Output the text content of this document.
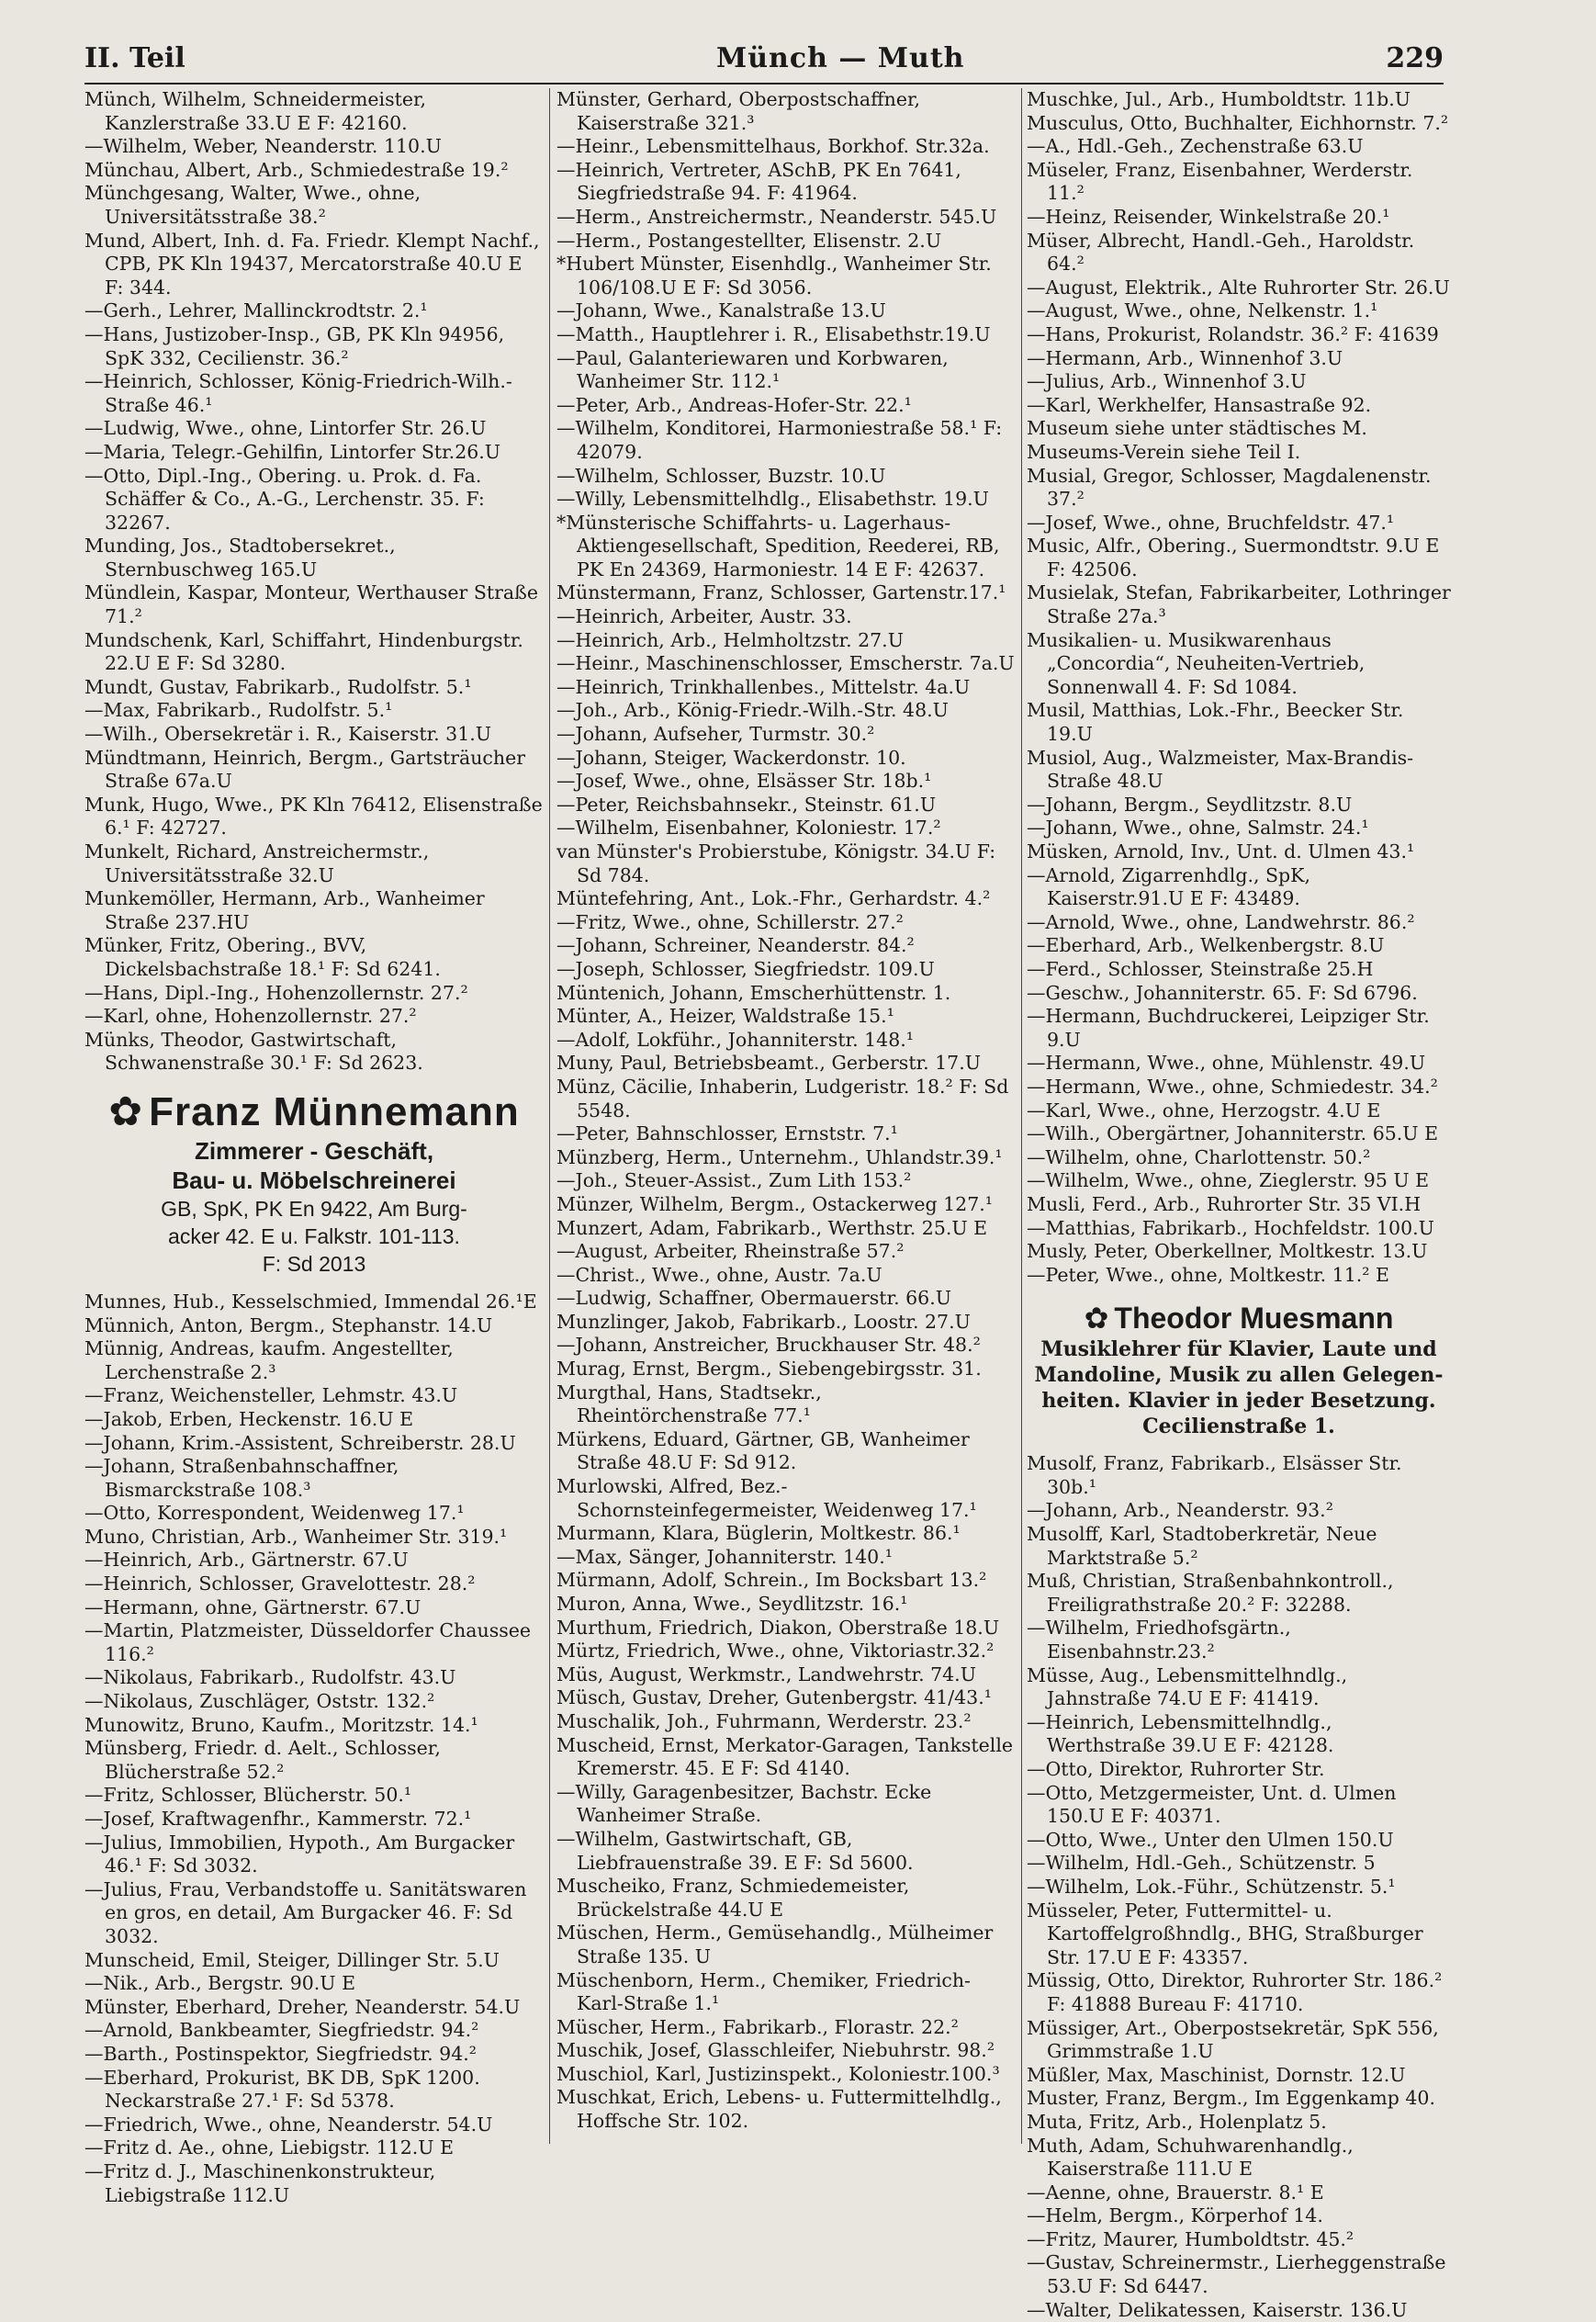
II. Teil	Münch — Muth	229

Münch, Wilhelm, Schneidermeister, Kanzlerstraße 33.U E F: 42160.

—Wilhelm, Weber, Neanderstr. 110.U

Münchau, Albert, Arb., Schmiedestraße 19.²

Münchgesang, Walter, Wwe., ohne, Universitätsstraße 38.²

Mund, Albert, Inh. d. Fa. Friedr. Klempt Nachf., CPB, PK Kln 19437, Mercatorstraße 40.U E F: 344.

—Gerh., Lehrer, Mallinckrodtstr. 2.¹

—Hans, Justizober-Insp., GB, PK Kln 94956, SpK 332, Cecilienstr. 36.²

—Heinrich, Schlosser, König-Friedrich-Wilh.-Straße 46.¹

—Ludwig, Wwe., ohne, Lintorfer Str. 26.U

—Maria, Telegr.-Gehilfin, Lintorfer Str.26.U

—Otto, Dipl.-Ing., Obering. u. Prok. d. Fa. Schäffer & Co., A.-G., Lerchenstr. 35. F: 32267.

Munding, Jos., Stadtobersekret., Sternbuschweg 165.U

Mündlein, Kaspar, Monteur, Werthauser Straße 71.²

Mundschenk, Karl, Schiffahrt, Hindenburgstr. 22.U E F: Sd 3280.

Mundt, Gustav, Fabrikarb., Rudolfstr. 5.¹

—Max, Fabrikarb., Rudolfstr. 5.¹

—Wilh., Obersekretär i. R., Kaiserstr. 31.U

Mündtmann, Heinrich, Bergm., Gartsträucher Straße 67a.U

Munk, Hugo, Wwe., PK Kln 76412, Elisenstraße 6.¹ F: 42727.

Munkelt, Richard, Anstreichermstr., Universitätsstraße 32.U

Munkemöller, Hermann, Arb., Wanheimer Straße 237.HU

Münker, Fritz, Obering., BVV, Dickelsbachstraße 18.¹ F: Sd 6241.

—Hans, Dipl.-Ing., Hohenzollernstr. 27.²

—Karl, ohne, Hohenzollernstr. 27.²

Münks, Theodor, Gastwirtschaft, Schwanenstraße 30.¹ F: Sd 2623.

✿ Franz Münnemann
Zimmerer - Geschäft,
Bau- u. Möbelschreinerei
GB, SpK, PK En 9422, Am Burg-
acker 42. E u. Falkstr. 101-113.
F: Sd 2013

Munnes, Hub., Kesselschmied, Immendal 26.¹E

Münnich, Anton, Bergm., Stephanstr. 14.U

Münnig, Andreas, kaufm. Angestellter, Lerchenstraße 2.³

—Franz, Weichensteller, Lehmstr. 43.U

—Jakob, Erben, Heckenstr. 16.U E

—Johann, Krim.-Assistent, Schreiberstr. 28.U

—Johann, Straßenbahnschaffner, Bismarckstraße 108.³

—Otto, Korrespondent, Weidenweg 17.¹

Muno, Christian, Arb., Wanheimer Str. 319.¹

—Heinrich, Arb., Gärtnerstr. 67.U

—Heinrich, Schlosser, Gravelottestr. 28.²

—Hermann, ohne, Gärtnerstr. 67.U

—Martin, Platzmeister, Düsseldorfer Chaussee 116.²

—Nikolaus, Fabrikarb., Rudolfstr. 43.U

—Nikolaus, Zuschläger, Oststr. 132.²

Munowitz, Bruno, Kaufm., Moritzstr. 14.¹

Münsberg, Friedr. d. Aelt., Schlosser, Blücherstraße 52.²

—Fritz, Schlosser, Blücherstr. 50.¹

—Josef, Kraftwagenfhr., Kammerstr. 72.¹

—Julius, Immobilien, Hypoth., Am Burgacker 46.¹ F: Sd 3032.

—Julius, Frau, Verbandstoffe u. Sanitätswaren en gros, en detail, Am Burgacker 46. F: Sd 3032.

Munscheid, Emil, Steiger, Dillinger Str. 5.U

—Nik., Arb., Bergstr. 90.U E

Münster, Eberhard, Dreher, Neanderstr. 54.U

—Arnold, Bankbeamter, Siegfriedstr. 94.²

—Barth., Postinspektor, Siegfriedstr. 94.²

—Eberhard, Prokurist, BK DB, SpK 1200. Neckarstraße 27.¹ F: Sd 5378.

—Friedrich, Wwe., ohne, Neanderstr. 54.U

—Fritz d. Ae., ohne, Liebigstr. 112.U E

—Fritz d. J., Maschinenkonstrukteur, Liebigstraße 112.U

Münster, Gerhard, Oberpostschaffner, Kaiserstraße 321.³

—Heinr., Lebensmittelhaus, Borkhof. Str.32a.

—Heinrich, Vertreter, ASchB, PK En 7641, Siegfriedstraße 94. F: 41964.

—Herm., Anstreichermstr., Neanderstr. 545.U

—Herm., Postangestellter, Elisenstr. 2.U

*Hubert Münster, Eisenhdlg., Wanheimer Str. 106/108.U E F: Sd 3056.

—Johann, Wwe., Kanalstraße 13.U

—Matth., Hauptlehrer i. R., Elisabethstr.19.U

—Paul, Galanteriewaren und Korbwaren, Wanheimer Str. 112.¹

—Peter, Arb., Andreas-Hofer-Str. 22.¹

—Wilhelm, Konditorei, Harmoniestraße 58.¹ F: 42079.

—Wilhelm, Schlosser, Buzstr. 10.U

—Willy, Lebensmittelhdlg., Elisabethstr. 19.U

*Münsterische Schiffahrts- u. Lagerhaus-Aktiengesellschaft, Spedition, Reederei, RB, PK En 24369, Harmoniestr. 14 E F: 42637.

Münstermann, Franz, Schlosser, Gartenstr.17.¹

—Heinrich, Arbeiter, Austr. 33.

—Heinrich, Arb., Helmholtzstr. 27.U

—Heinr., Maschinenschlosser, Emscherstr. 7a.U

—Heinrich, Trinkhallenbes., Mittelstr. 4a.U

—Joh., Arb., König-Friedr.-Wilh.-Str. 48.U

—Johann, Aufseher, Turmstr. 30.²

—Johann, Steiger, Wackerdonstr. 10.

—Josef, Wwe., ohne, Elsässer Str. 18b.¹

—Peter, Reichsbahnsekr., Steinstr. 61.U

—Wilhelm, Eisenbahner, Koloniestr. 17.²

van Münster's Probierstube, Königstr. 34.U F: Sd 784.

Müntefehring, Ant., Lok.-Fhr., Gerhardstr. 4.²

—Fritz, Wwe., ohne, Schillerstr. 27.²

—Johann, Schreiner, Neanderstr. 84.²

—Joseph, Schlosser, Siegfriedstr. 109.U

Müntenich, Johann, Emscherhüttenstr. 1.

Münter, A., Heizer, Waldstraße 15.¹

—Adolf, Lokführ., Johanniterstr. 148.¹

Muny, Paul, Betriebsbeamt., Gerberstr. 17.U

Münz, Cäcilie, Inhaberin, Ludgeristr. 18.² F: Sd 5548.

—Peter, Bahnschlosser, Ernststr. 7.¹

Münzberg, Herm., Unternehm., Uhlandstr.39.¹

—Joh., Steuer-Assist., Zum Lith 153.²

Münzer, Wilhelm, Bergm., Ostackerweg 127.¹

Munzert, Adam, Fabrikarb., Werthstr. 25.U E

—August, Arbeiter, Rheinstraße 57.²

—Christ., Wwe., ohne, Austr. 7a.U

—Ludwig, Schaffner, Obermauerstr. 66.U

Munzlinger, Jakob, Fabrikarb., Loostr. 27.U

—Johann, Anstreicher, Bruckhauser Str. 48.²

Murag, Ernst, Bergm., Siebengebirgsstr. 31.

Murgthal, Hans, Stadtsekr., Rheintörchenstraße 77.¹

Mürkens, Eduard, Gärtner, GB, Wanheimer Straße 48.U F: Sd 912.

Murlowski, Alfred, Bez.-Schornsteinfegermeister, Weidenweg 17.¹

Murmann, Klara, Büglerin, Moltkestr. 86.¹

—Max, Sänger, Johanniterstr. 140.¹

Mürmann, Adolf, Schrein., Im Bocksbart 13.²

Muron, Anna, Wwe., Seydlitzstr. 16.¹

Murthum, Friedrich, Diakon, Oberstraße 18.U

Mürtz, Friedrich, Wwe., ohne, Viktoriastr.32.²

Müs, August, Werkmstr., Landwehrstr. 74.U

Müsch, Gustav, Dreher, Gutenbergstr. 41/43.¹

Muschalik, Joh., Fuhrmann, Werderstr. 23.²

Muscheid, Ernst, Merkator-Garagen, Tankstelle Kremerstr. 45. E F: Sd 4140.

—Willy, Garagenbesitzer, Bachstr. Ecke Wanheimer Straße.

—Wilhelm, Gastwirtschaft, GB, Liebfrauenstraße 39. E F: Sd 5600.

Muscheiko, Franz, Schmiedemeister, Brückelstraße 44.U E

Müschen, Herm., Gemüsehandlg., Mülheimer Straße 135. U

Müschenborn, Herm., Chemiker, Friedrich-Karl-Straße 1.¹

Müscher, Herm., Fabrikarb., Florastr. 22.²

Muschik, Josef, Glasschleifer, Niebuhrstr. 98.²

Muschiol, Karl, Justizinspekt., Koloniestr.100.³

Muschkat, Erich, Lebens- u. Futtermittelhdlg., Hoffsche Str. 102.

Muschke, Jul., Arb., Humboldtstr. 11b.U

Musculus, Otto, Buchhalter, Eichhornstr. 7.²

—A., Hdl.-Geh., Zechenstraße 63.U

Müseler, Franz, Eisenbahner, Werderstr. 11.²

—Heinz, Reisender, Winkelstraße 20.¹

Müser, Albrecht, Handl.-Geh., Haroldstr. 64.²

—August, Elektrik., Alte Ruhrorter Str. 26.U

—August, Wwe., ohne, Nelkenstr. 1.¹

—Hans, Prokurist, Rolandstr. 36.² F: 41639

—Hermann, Arb., Winnenhof 3.U

—Julius, Arb., Winnenhof 3.U

—Karl, Werkhelfer, Hansastraße 92.

Museum siehe unter städtisches M.

Museums-Verein siehe Teil I.

Musial, Gregor, Schlosser, Magdalenenstr. 37.²

—Josef, Wwe., ohne, Bruchfeldstr. 47.¹

Music, Alfr., Obering., Suermondtstr. 9.U E F: 42506.

Musielak, Stefan, Fabrikarbeiter, Lothringer Straße 27a.³

Musikalien- u. Musikwarenhaus „Concordia“, Neuheiten-Vertrieb, Sonnenwall 4. F: Sd 1084.

Musil, Matthias, Lok.-Fhr., Beecker Str. 19.U

Musiol, Aug., Walzmeister, Max-Brandis-Straße 48.U

—Johann, Bergm., Seydlitzstr. 8.U

—Johann, Wwe., ohne, Salmstr. 24.¹

Müsken, Arnold, Inv., Unt. d. Ulmen 43.¹

—Arnold, Zigarrenhdlg., SpK, Kaiserstr.91.U E F: 43489.

—Arnold, Wwe., ohne, Landwehrstr. 86.²

—Eberhard, Arb., Welkenbergstr. 8.U

—Ferd., Schlosser, Steinstraße 25.H

—Geschw., Johanniterstr. 65. F: Sd 6796.

—Hermann, Buchdruckerei, Leipziger Str. 9.U

—Hermann, Wwe., ohne, Mühlenstr. 49.U

—Hermann, Wwe., ohne, Schmiedestr. 34.²

—Karl, Wwe., ohne, Herzogstr. 4.U E

—Wilh., Obergärtner, Johanniterstr. 65.U E

—Wilhelm, ohne, Charlottenstr. 50.²

—Wilhelm, Wwe., ohne, Zieglerstr. 95 U E

Musli, Ferd., Arb., Ruhrorter Str. 35 VI.H

—Matthias, Fabrikarb., Hochfeldstr. 100.U

Musly, Peter, Oberkellner, Moltkestr. 13.U

—Peter, Wwe., ohne, Moltkestr. 11.² E

✿ Theodor Muesmann
Musiklehrer für Klavier, Laute und
Mandoline, Musik zu allen Gelegen-
heiten. Klavier in jeder Besetzung.
Cecilienstraße 1.

Musolf, Franz, Fabrikarb., Elsässer Str. 30b.¹

—Johann, Arb., Neanderstr. 93.²

Musolff, Karl, Stadtoberkretär, Neue Marktstraße 5.²

Muß, Christian, Straßenbahnkontroll., Freiligrathstraße 20.² F: 32288.

—Wilhelm, Friedhofsgärtn., Eisenbahnstr.23.²

Müsse, Aug., Lebensmittelhndlg., Jahnstraße 74.U E F: 41419.

—Heinrich, Lebensmittelhndlg., Werthstraße 39.U E F: 42128.

—Otto, Direktor, Ruhrorter Str.

—Otto, Metzgermeister, Unt. d. Ulmen 150.U E F: 40371.

—Otto, Wwe., Unter den Ulmen 150.U

—Wilhelm, Hdl.-Geh., Schützenstr. 5

—Wilhelm, Lok.-Führ., Schützenstr. 5.¹

Müsseler, Peter, Futtermittel- u. Kartoffelgroßhndlg., BHG, Straßburger Str. 17.U E F: 43357.

Müssig, Otto, Direktor, Ruhrorter Str. 186.² F: 41888 Bureau F: 41710.

Müssiger, Art., Oberpostsekretär, SpK 556, Grimmstraße 1.U

Müßler, Max, Maschinist, Dornstr. 12.U

Muster, Franz, Bergm., Im Eggenkamp 40.

Muta, Fritz, Arb., Holenplatz 5.

Muth, Adam, Schuhwarenhandlg., Kaiserstraße 111.U E

—Aenne, ohne, Brauerstr. 8.¹ E

—Helm, Bergm., Körperhof 14.

—Fritz, Maurer, Humboldtstr. 45.²

—Gustav, Schreinermstr., Lierheggenstraße 53.U F: Sd 6447.

—Walter, Delikatessen, Kaiserstr. 136.U
